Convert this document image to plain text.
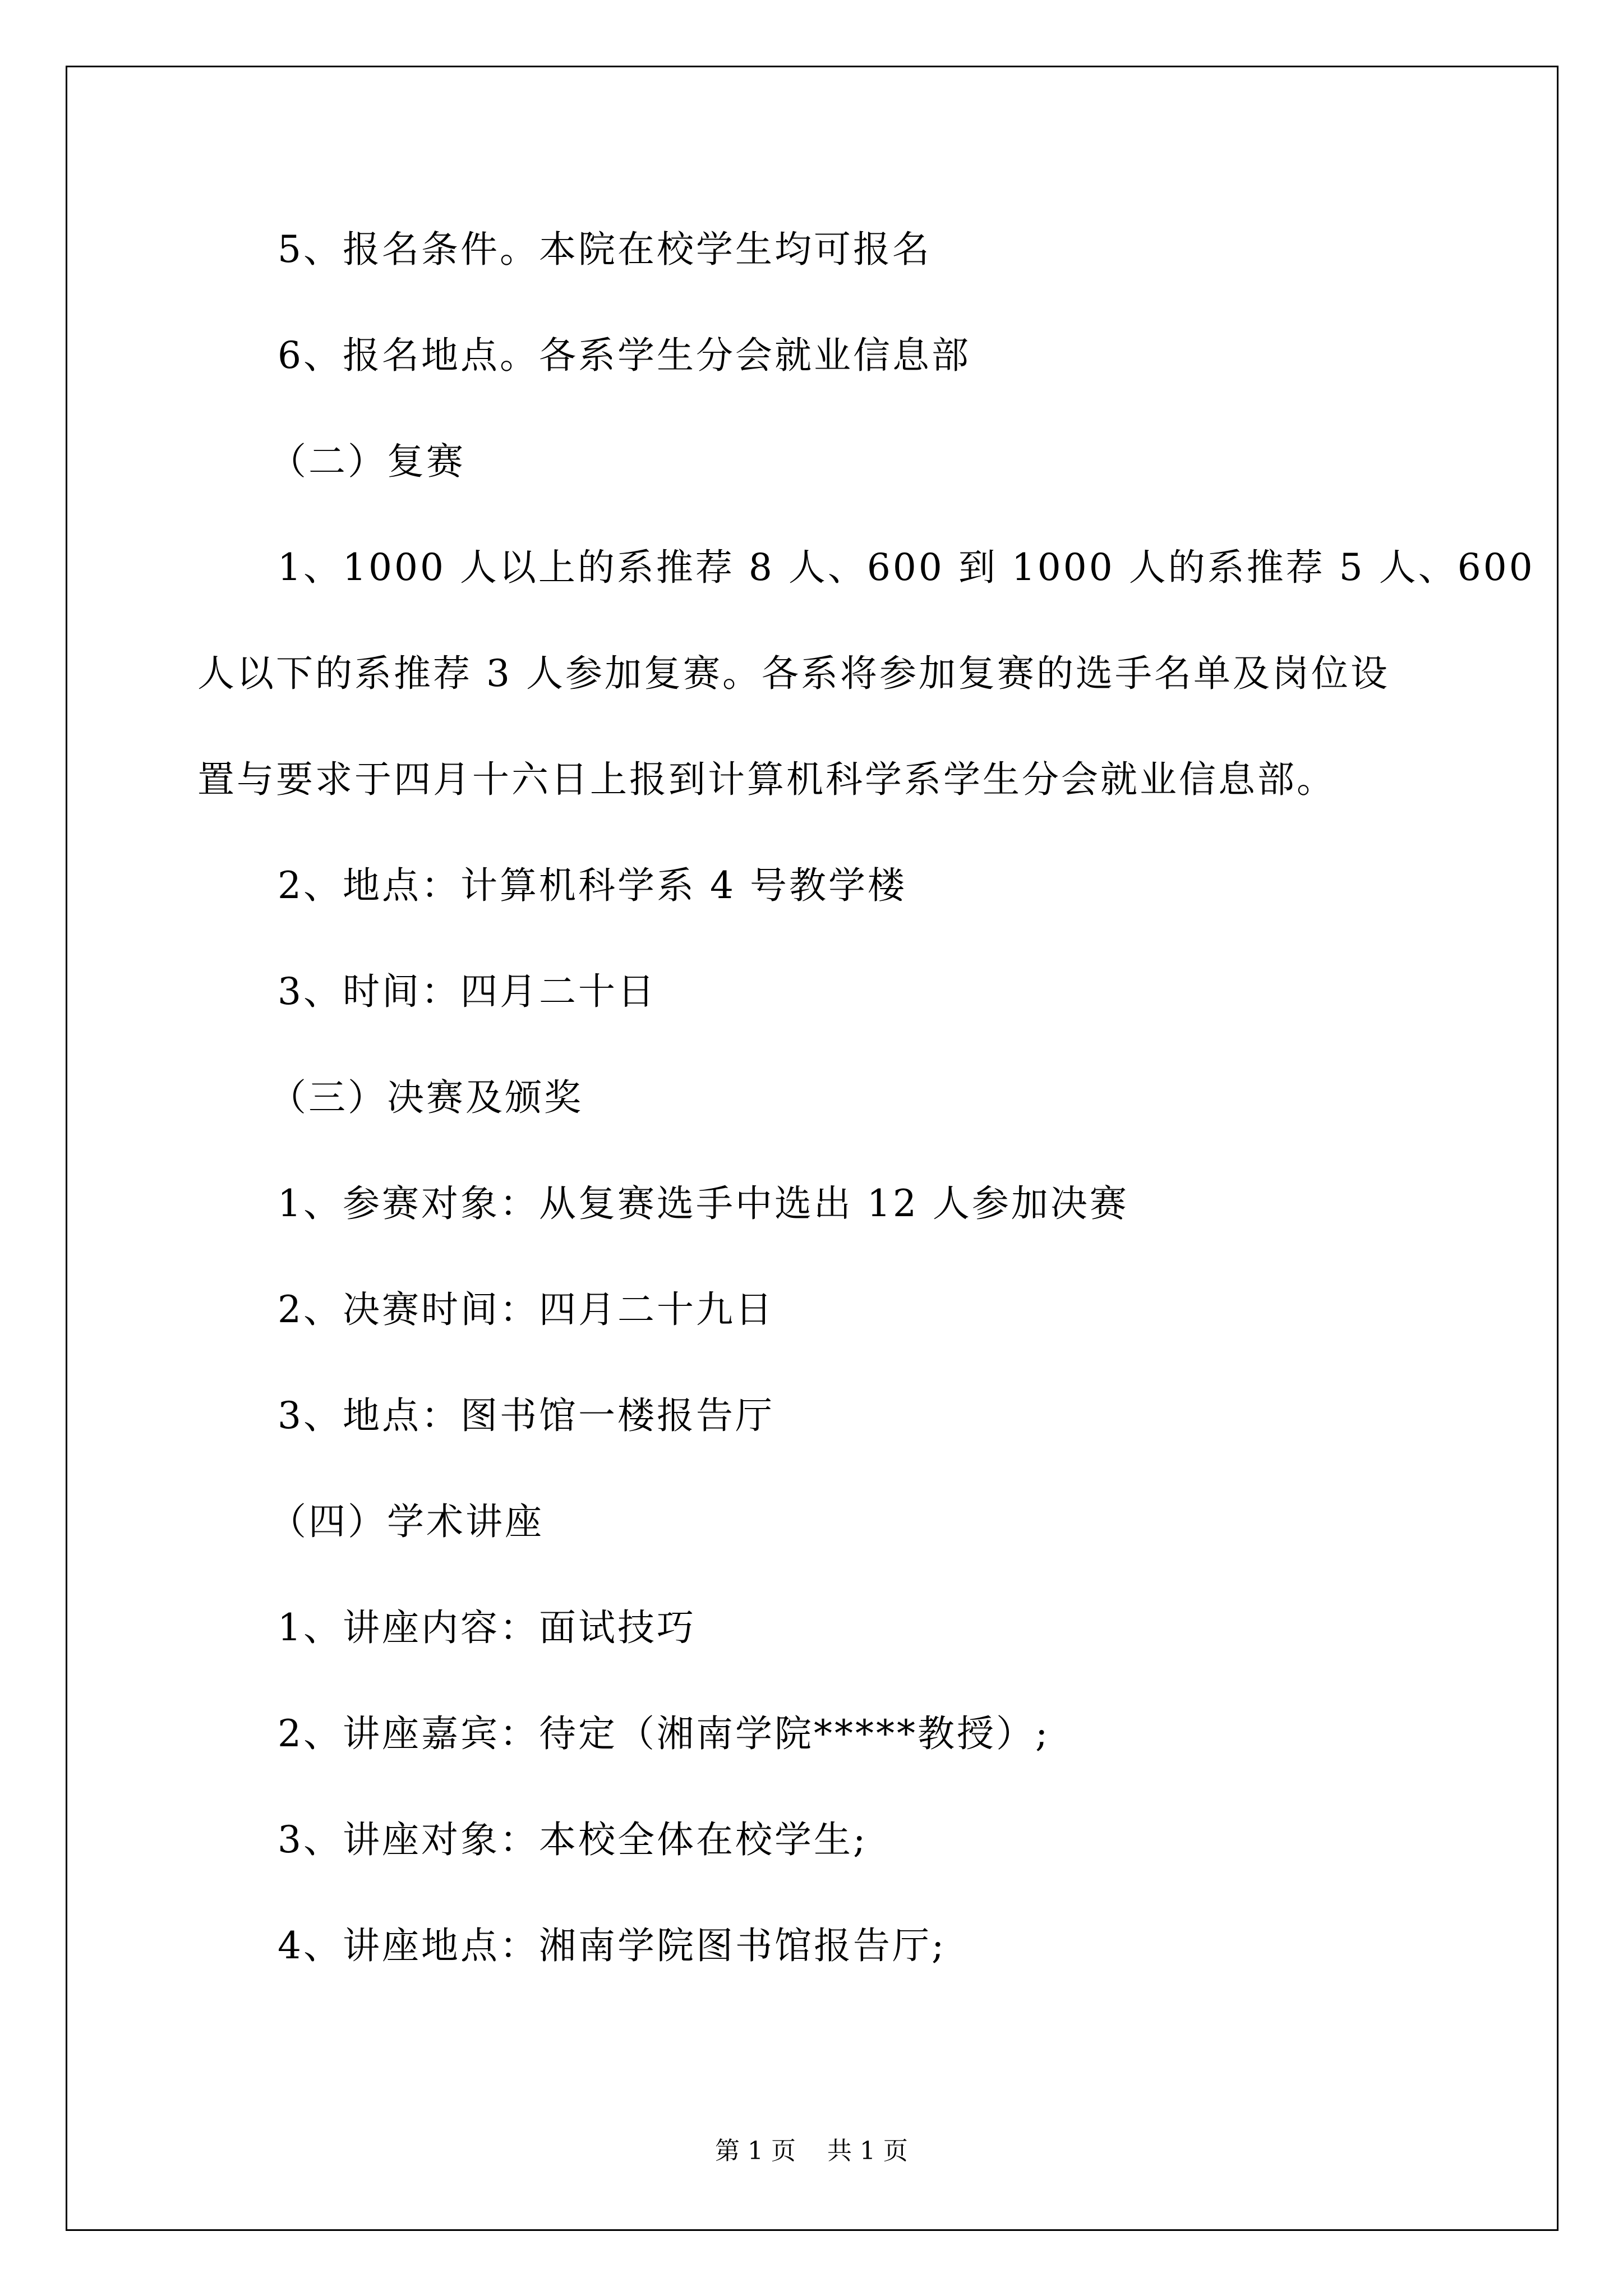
5、报名条件。本院在校学生均可报名
6、报名地点。各系学生分会就业信息部
（二）复赛
1、1000 人以上的系推荐 8 人、600 到 1000 人的系推荐 5 人、600
人以下的系推荐 3 人参加复赛。各系将参加复赛的选手名单及岗位设
置与要求于四月十六日上报到计算机科学系学生分会就业信息部。
2、地点：计算机科学系 4 号教学楼
3、时间：四月二十日
（三）决赛及颁奖
1、参赛对象：从复赛选手中选出 12 人参加决赛
2、决赛时间：四月二十九日
3、地点：图书馆一楼报告厅
（四）学术讲座
1、讲座内容：面试技巧
2、讲座嘉宾：待定（湘南学院*****教授）;
3、讲座对象：本校全体在校学生;
4、讲座地点：湘南学院图书馆报告厅;
第 1 页    共 1 页
